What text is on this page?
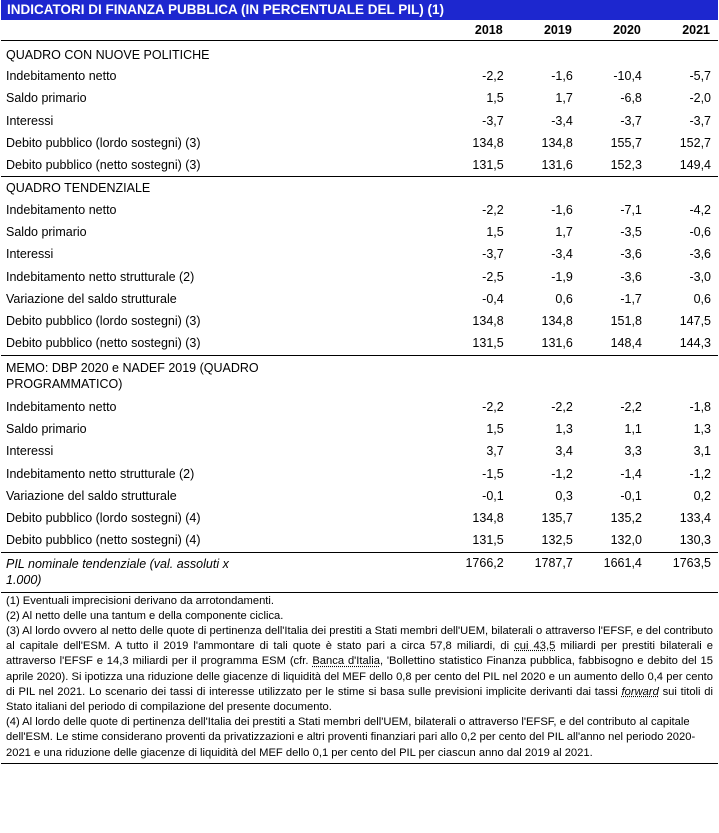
INDICATORI DI FINANZA PUBBLICA (IN PERCENTUALE DEL PIL) (1)
	2018	2019	2020	2021
QUADRO CON NUOVE POLITICHE				
Indebitamento netto	-2,2	-1,6	-10,4	-5,7
Saldo primario	1,5	1,7	-6,8	-2,0
Interessi	-3,7	-3,4	-3,7	-3,7
Debito pubblico (lordo sostegni) (3)	134,8	134,8	155,7	152,7
Debito pubblico (netto sostegni) (3)	131,5	131,6	152,3	149,4
QUADRO TENDENZIALE				
Indebitamento netto	-2,2	-1,6	-7,1	-4,2
Saldo primario	1,5	1,7	-3,5	-0,6
Interessi	-3,7	-3,4	-3,6	-3,6
Indebitamento netto strutturale (2)	-2,5	-1,9	-3,6	-3,0
Variazione del saldo strutturale	-0,4	0,6	-1,7	0,6
Debito pubblico (lordo sostegni) (3)	134,8	134,8	151,8	147,5
Debito pubblico (netto sostegni) (3)	131,5	131,6	148,4	144,3
MEMO: DBP 2020 e NADEF 2019 (QUADRO
PROGRAMMATICO)				
Indebitamento netto	-2,2	-2,2	-2,2	-1,8
Saldo primario	1,5	1,3	1,1	1,3
Interessi	3,7	3,4	3,3	3,1
Indebitamento netto strutturale (2)	-1,5	-1,2	-1,4	-1,2
Variazione del saldo strutturale	-0,1	0,3	-0,1	0,2
Debito pubblico (lordo sostegni) (4)	134,8	135,7	135,2	133,4
Debito pubblico (netto sostegni) (4)	131,5	132,5	132,0	130,3
PIL nominale tendenziale (val. assoluti x
1.000)	1766,2	1787,7	1661,4	1763,5

(1) Eventuali imprecisioni derivano da arrotondamenti.

(2) Al netto delle una tantum e della componente ciclica.

(3) Al lordo ovvero al netto delle quote di pertinenza dell'Italia dei prestiti a Stati membri dell'UEM, bilaterali o attraverso l'EFSF, e del contributo al capitale dell'ESM. A tutto il 2019 l'ammontare di tali quote è stato pari a circa 57,8 miliardi, di cui 43,5 miliardi per prestiti bilaterali e attraverso l'EFSF e 14,3 miliardi per il programma ESM (cfr. Banca d'Italia, 'Bollettino statistico Finanza pubblica, fabbisogno e debito del 15 aprile 2020). Si ipotizza una riduzione delle giacenze di liquidità del MEF dello 0,8 per cento del PIL nel 2020 e un aumento dello 0,4 per cento di PIL nel 2021. Lo scenario dei tassi di interesse utilizzato per le stime si basa sulle previsioni implicite derivanti dai tassi forward sui titoli di Stato italiani del periodo di compilazione del presente documento.

(4) Al lordo delle quote di pertinenza dell'Italia dei prestiti a Stati membri dell'UEM, bilaterali o attraverso l'EFSF, e del contributo al capitale dell'ESM. Le stime considerano proventi da privatizzazioni e altri proventi finanziari pari allo 0,2 per cento del PIL all'anno nel periodo 2020-2021 e una riduzione delle giacenze di liquidità del MEF dello 0,1 per cento del PIL per ciascun anno dal 2019 al 2021.
